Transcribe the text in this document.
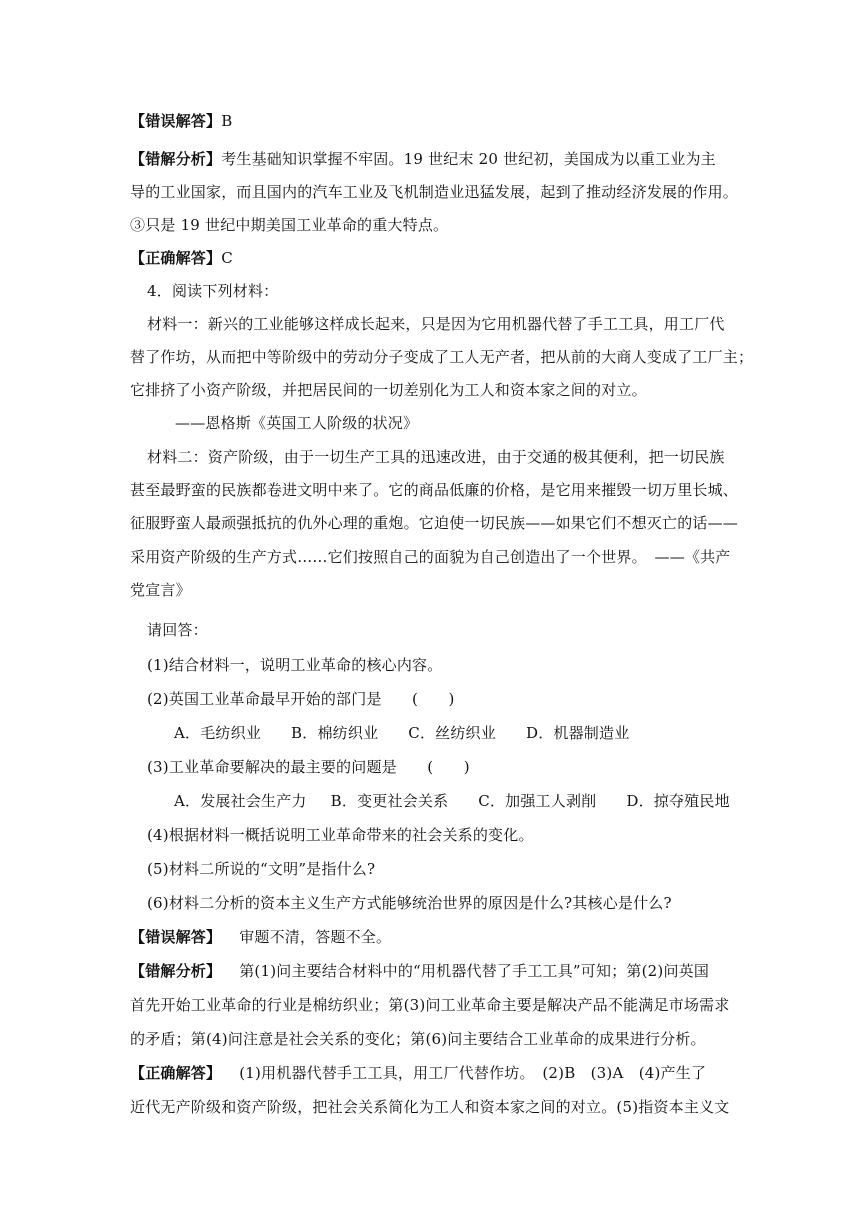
【错误解答】B
【错解分析】考生基础知识掌握不牢固。19 世纪末 20 世纪初，美国成为以重工业为主
导的工业国家，而且国内的汽车工业及飞机制造业迅猛发展，起到了推动经济发展的作用。
③只是 19 世纪中期美国工业革命的重大特点。
【正确解答】C
4．阅读下列材料：
材料一：新兴的工业能够这样成长起来，只是因为它用机器代替了手工工具，用工厂代
替了作坊，从而把中等阶级中的劳动分子变成了工人无产者，把从前的大商人变成了工厂主；
它排挤了小资产阶级，并把居民间的一切差别化为工人和资本家之间的对立。
——恩格斯《英国工人阶级的状况》
材料二：资产阶级，由于一切生产工具的迅速改进，由于交通的极其便利，把一切民族
甚至最野蛮的民族都卷进文明中来了。它的商品低廉的价格，是它用来摧毁一切万里长城、
征服野蛮人最顽强抵抗的仇外心理的重炮。它迫使一切民族——如果它们不想灭亡的话——
采用资产阶级的生产方式……它们按照自己的面貌为自己创造出了一个世界。　——《共产
党宣言》
请回答：
(1)结合材料一，说明工业革命的核心内容。
(2)英国工业革命最早开始的部门是　　(　　)
A．毛纺织业 B．棉纺织业 C．丝纺织业 D．机器制造业
(3)工业革命要解决的最主要的问题是　　(　　)
A．发展社会生产力 B．变更社会关系 C．加强工人剥削 D．掠夺殖民地
(4)根据材料一概括说明工业革命带来的社会关系的变化。
(5)材料二所说的“文明”是指什么?
(6)材料二分析的资本主义生产方式能够统治世界的原因是什么?其核心是什么?
【错误解答】 审题不清，答题不全。
【错解分析】 第(1)问主要结合材料中的“用机器代替了手工工具”可知；第(2)问英国
首先开始工业革命的行业是棉纺织业；第(3)问工业革命主要是解决产品不能满足市场需求
的矛盾；第(4)问注意是社会关系的变化；第(6)问主要结合工业革命的成果进行分析。
【正确解答】 (1)用机器代替手工工具，用工厂代替作坊。　(2)B　(3)A　(4)产生了
近代无产阶级和资产阶级，把社会关系简化为工人和资本家之间的对立。(5)指资本主义文
